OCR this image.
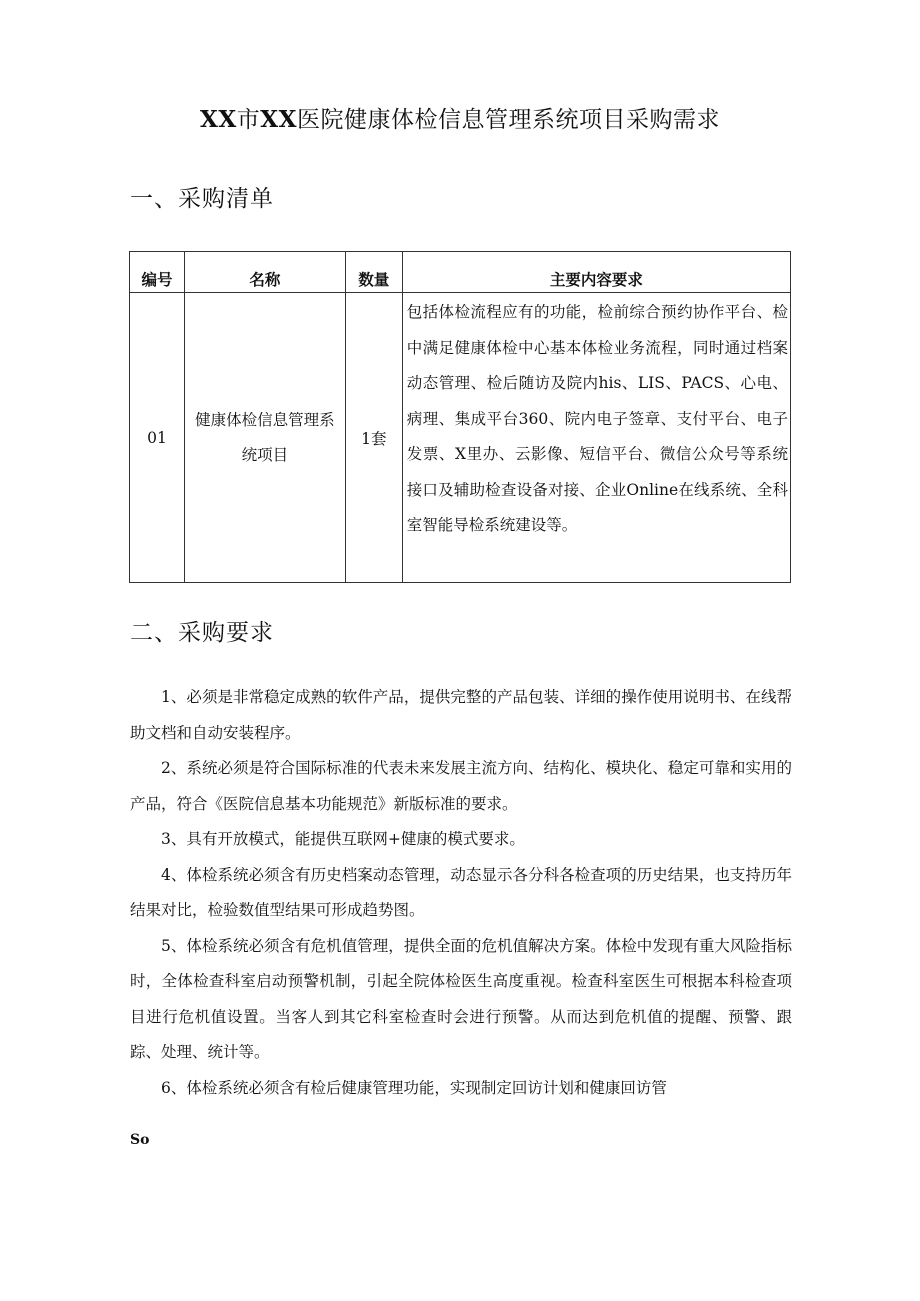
XX市XX医院健康体检信息管理系统项目采购需求
一、采购清单
编号	名称	数量	主要内容要求
01	健康体检信息管理系统项目	1套	包括体检流程应有的功能，检前综合预约协作平台、检中满足健康体检中心基本体检业务流程，同时通过档案动态管理、检后随访及院内his、LIS、PACS、心电、病理、集成平台360、院内电子签章、支付平台、电子发票、X里办、云影像、短信平台、微信公众号等系统接口及辅助检查设备对接、企业Online在线系统、全科室智能导检系统建设等。
二、采购要求

1、必须是非常稳定成熟的软件产品，提供完整的产品包装、详细的操作使用说明书、在线帮助文档和自动安装程序。

2、系统必须是符合国际标准的代表未来发展主流方向、结构化、模块化、稳定可靠和实用的产品，符合《医院信息基本功能规范》新版标准的要求。

3、具有开放模式，能提供互联网+健康的模式要求。

4、体检系统必须含有历史档案动态管理，动态显示各分科各检查项的历史结果，也支持历年结果对比，检验数值型结果可形成趋势图。

5、体检系统必须含有危机值管理，提供全面的危机值解决方案。体检中发现有重大风险指标时，全体检查科室启动预警机制，引起全院体检医生高度重视。检查科室医生可根据本科检查项目进行危机值设置。当客人到其它科室检查时会进行预警。从而达到危机值的提醒、预警、跟踪、处理、统计等。

6、体检系统必须含有检后健康管理功能，实现制定回访计划和健康回访管

So
